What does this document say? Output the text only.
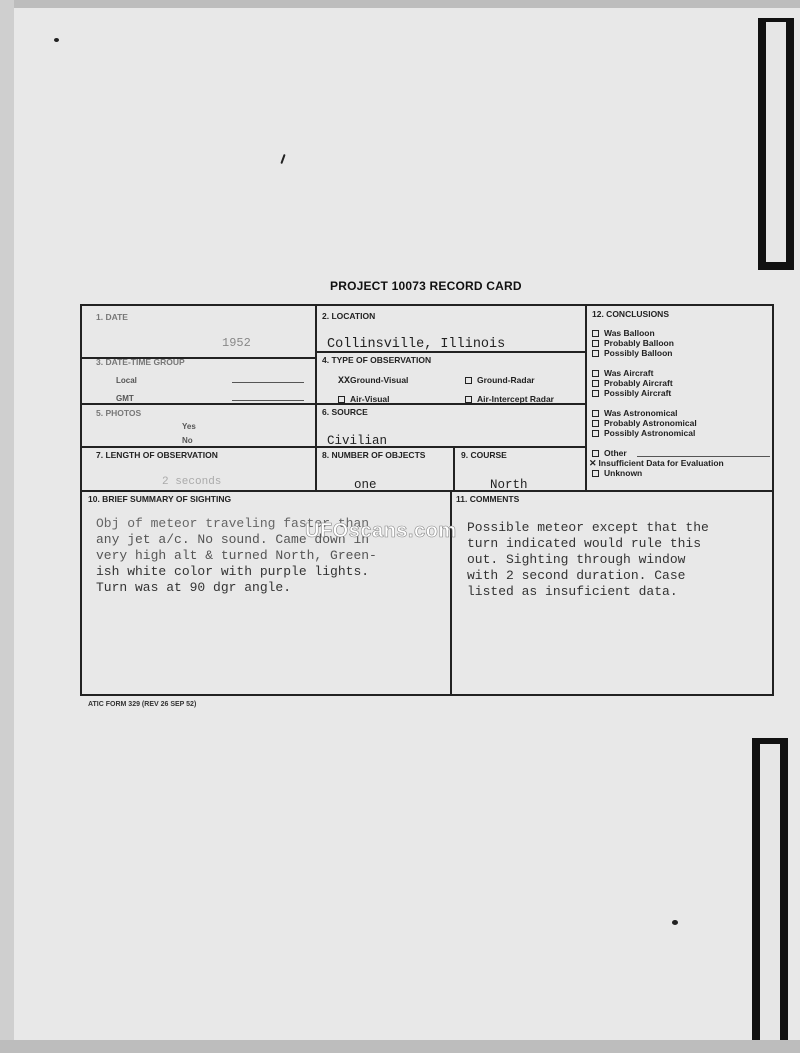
PROJECT 10073 RECORD CARD
1. DATE
1952
2. LOCATION
Collinsville, Illinois
3. DATE-TIME GROUP
Local
GMT
4. TYPE OF OBSERVATION
XXGround-Visual	Ground-Radar
Air-Visual	Air-Intercept Radar
5. PHOTOS
Yes
No
6. SOURCE
Civilian
7. LENGTH OF OBSERVATION
2 seconds
8. NUMBER OF OBJECTS
one
9. COURSE
North
12. CONCLUSIONS
Was Balloon
Probably Balloon
Possibly Balloon
Was Aircraft
Probably Aircraft
Possibly Aircraft
Was Astronomical
Probably Astronomical
Possibly Astronomical
Other
✕ Insufficient Data for Evaluation
Unknown
10. BRIEF SUMMARY OF SIGHTING
Obj of meteor traveling faster than
any jet a/c. No sound. Came down in
very high alt & turned North, Green-
ish white color with purple lights.
Turn was at 90 dgr angle.
11. COMMENTS
Possible meteor except that the
turn indicated would rule this
out. Sighting through window
with 2 second duration. Case
listed as insuficient data.
UFOscans.com
ATIC FORM 329 (REV 26 SEP 52)
